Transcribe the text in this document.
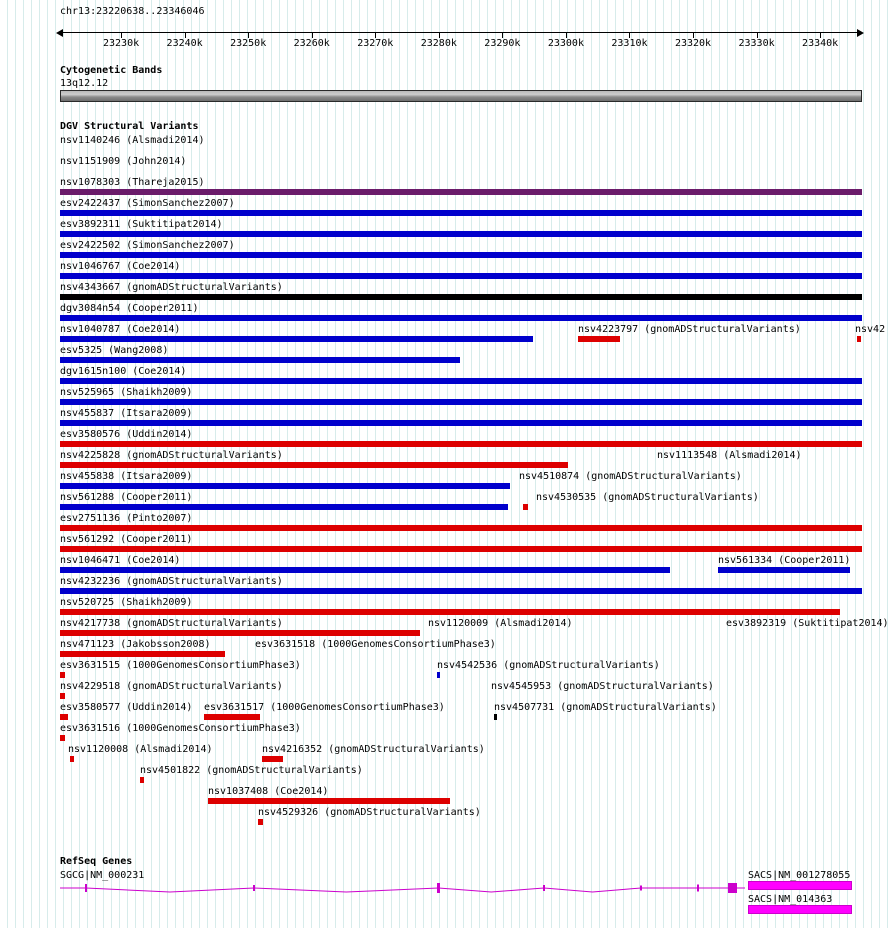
chr13:23220638..23346046
23230k	23240k	23250k	23260k	23270k	23280k	23290k	23300k	23310k	23320k	23330k	23340k
Cytogenetic Bands
13q12.12
DGV Structural Variants
nsv1140246 (Alsmadi2014)
nsv1151909 (John2014)
nsv1078303 (Thareja2015)
esv2422437 (SimonSanchez2007)
esv3892311 (Suktitipat2014)
esv2422502 (SimonSanchez2007)
nsv1046767 (Coe2014)
nsv4343667 (gnomADStructuralVariants)
dgv3084n54 (Cooper2011)
nsv1040787 (Coe2014)	nsv4223797 (gnomADStructuralVariants)	nsv42
esv5325 (Wang2008)
dgv1615n100 (Coe2014)
nsv525965 (Shaikh2009)
nsv455837 (Itsara2009)
esv3580576 (Uddin2014)
nsv4225828 (gnomADStructuralVariants)	nsv1113548 (Alsmadi2014)
nsv455838 (Itsara2009)	nsv4510874 (gnomADStructuralVariants)
nsv561288 (Cooper2011)	nsv4530535 (gnomADStructuralVariants)
esv2751136 (Pinto2007)
nsv561292 (Cooper2011)
nsv1046471 (Coe2014)	nsv561334 (Cooper2011)
nsv4232236 (gnomADStructuralVariants)
nsv520725 (Shaikh2009)
nsv4217738 (gnomADStructuralVariants)	nsv1120009 (Alsmadi2014)	esv3892319 (Suktitipat2014)
nsv471123 (Jakobsson2008)	esv3631518 (1000GenomesConsortiumPhase3)
esv3631515 (1000GenomesConsortiumPhase3)	nsv4542536 (gnomADStructuralVariants)
nsv4229518 (gnomADStructuralVariants)	nsv4545953 (gnomADStructuralVariants)
esv3580577 (Uddin2014) esv3631517 (1000GenomesConsortiumPhase3)	nsv4507731 (gnomADStructuralVariants)
esv3631516 (1000GenomesConsortiumPhase3)
nsv1120008 (Alsmadi2014)	nsv4216352 (gnomADStructuralVariants)
nsv4501822 (gnomADStructuralVariants)
nsv1037408 (Coe2014)
nsv4529326 (gnomADStructuralVariants)
RefSeq Genes
SGCG|NM_000231	SACS|NM_001278055
SACS|NM_014363
